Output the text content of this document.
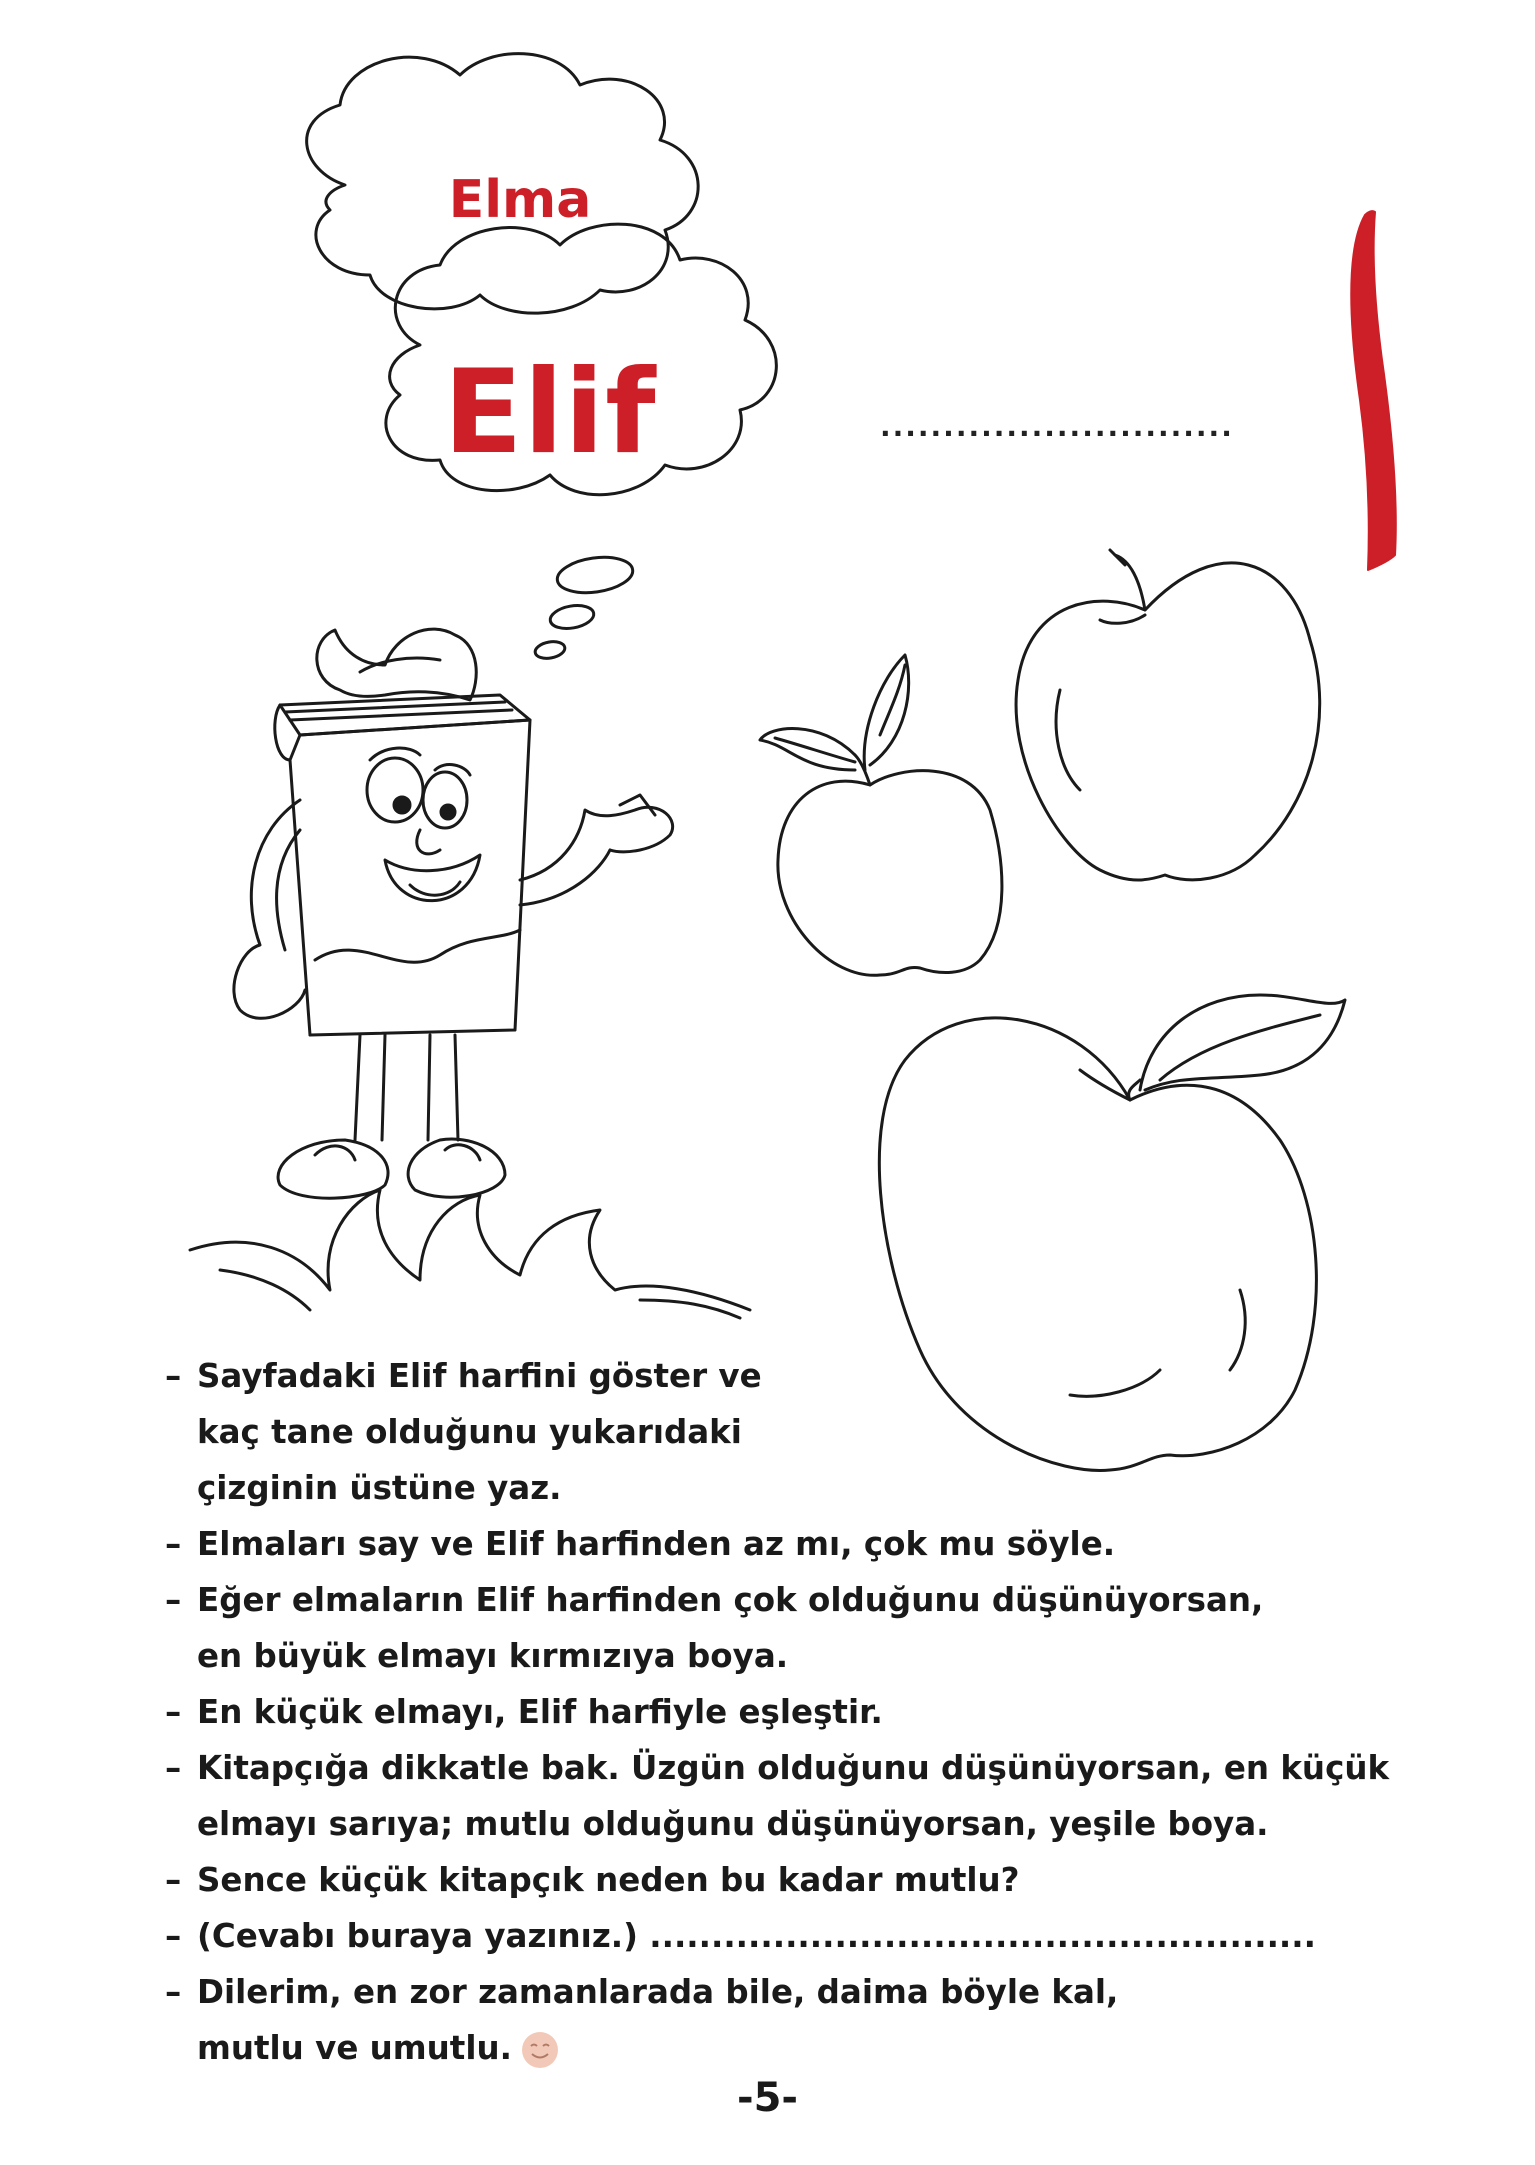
Elma
Elif	............................
– Sayfadaki Elif harfini göster ve
kaç tane olduğunu yukarıdaki
çizginin üstüne yaz.
– Elmaları say ve Elif harfinden az mı, çok mu söyle.
– Eğer elmaların Elif harfinden çok olduğunu düşünüyorsan,
en büyük elmayı kırmızıya boya.
– En küçük elmayı, Elif harfiyle eşleştir.
– Kitapçığa dikkatle bak. Üzgün olduğunu düşünüyorsan, en küçük
elmayı sarıya; mutlu olduğunu düşünüyorsan, yeşile boya.
– Sence küçük kitapçık neden bu kadar mutlu?
– (Cevabı buraya yazınız.) ......................................................
– Dilerim, en zor zamanlarada bile, daima böyle kal,
mutlu ve umutlu.
-5-
